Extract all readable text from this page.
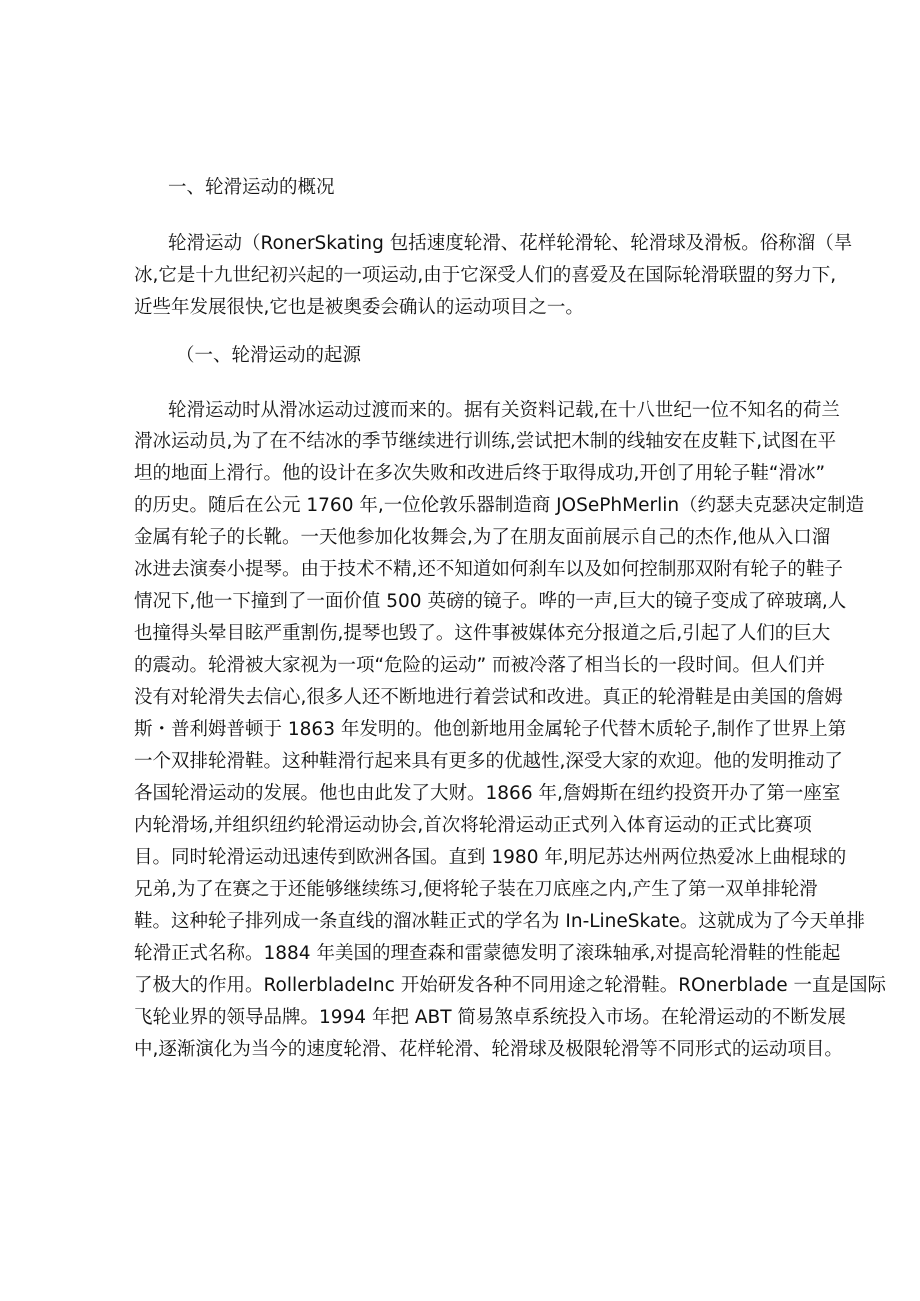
一、轮滑运动的概况
轮滑运动（RonerSkating 包括速度轮滑、花样轮滑轮、轮滑球及滑板。俗称溜（旱
冰,它是十九世纪初兴起的一项运动,由于它深受人们的喜爱及在国际轮滑联盟的努力下,
近些年发展很快,它也是被奥委会确认的运动项目之一。
（一、轮滑运动的起源
轮滑运动时从滑冰运动过渡而来的。据有关资料记载,在十八世纪一位不知名的荷兰
滑冰运动员,为了在不结冰的季节继续进行训练,尝试把木制的线轴安在皮鞋下,试图在平
坦的地面上滑行。他的设计在多次失败和改进后终于取得成功,开创了用轮子鞋“滑冰”
的历史。随后在公元 1760 年,一位伦敦乐器制造商 JOSePhMerlin（约瑟夫克瑟决定制造
金属有轮子的长靴。一天他参加化妆舞会,为了在朋友面前展示自己的杰作,他从入口溜
冰进去演奏小提琴。由于技术不精,还不知道如何刹车以及如何控制那双附有轮子的鞋子
情况下,他一下撞到了一面价值 500 英磅的镜子。哗的一声,巨大的镜子变成了碎玻璃,人
也撞得头晕目眩严重割伤,提琴也毁了。这件事被媒体充分报道之后,引起了人们的巨大
的震动。轮滑被大家视为一项“危险的运动” 而被冷落了相当长的一段时间。但人们并
没有对轮滑失去信心,很多人还不断地进行着尝试和改进。真正的轮滑鞋是由美国的詹姆
斯・普利姆普顿于 1863 年发明的。他创新地用金属轮子代替木质轮子,制作了世界上第
一个双排轮滑鞋。这种鞋滑行起来具有更多的优越性,深受大家的欢迎。他的发明推动了
各国轮滑运动的发展。他也由此发了大财。1866 年,詹姆斯在纽约投资开办了第一座室
内轮滑场,并组织纽约轮滑运动协会,首次将轮滑运动正式列入体育运动的正式比赛项
目。同时轮滑运动迅速传到欧洲各国。直到 1980 年,明尼苏达州两位热爱冰上曲棍球的
兄弟,为了在赛之于还能够继续练习,便将轮子装在刀底座之内,产生了第一双单排轮滑
鞋。这种轮子排列成一条直线的溜冰鞋正式的学名为 In-LineSkate。这就成为了今天单排
轮滑正式名称。1884 年美国的理查森和雷蒙德发明了滚珠轴承,对提高轮滑鞋的性能起
了极大的作用。RollerbladeInc 开始研发各种不同用途之轮滑鞋。ROnerblade 一直是国际
飞轮业界的领导品牌。1994 年把 ABT 简易煞卓系统投入市场。在轮滑运动的不断发展
中,逐渐演化为当今的速度轮滑、花样轮滑、轮滑球及极限轮滑等不同形式的运动项目。
